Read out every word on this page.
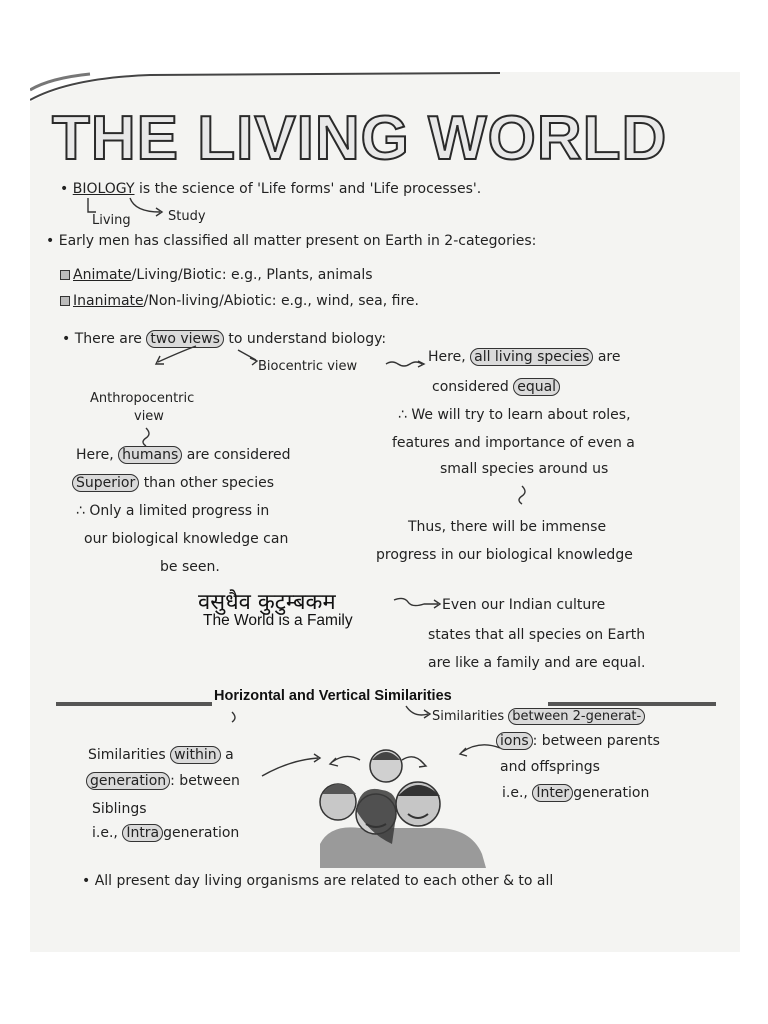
THE LIVING WORLD
• BIOLOGY is the science of 'Life forms' and 'Life processes'.
Living	Study
• Early men has classified all matter present on Earth in 2-categories:
Animate/Living/Biotic: e.g., Plants, animals
Inanimate/Non-living/Abiotic: e.g., wind, sea, fire.
• There are two views to understand biology:
Biocentric view
Here, all living species are
considered equal
∴ We will try to learn about roles,
features and importance of even a
small species around us
Thus, there will be immense
progress in our biological knowledge
Anthropocentric
view
Here, humans are considered
Superior than other species
∴ Only a limited progress in
our biological knowledge can
be seen.
वसुधैव कुटुम्बकम
The World is a Family
Even our Indian culture
states that all species on Earth
are like a family and are equal.
Horizontal and Vertical Similarities
Similarities between 2-generat-
ions : between parents
and offsprings
i.e., Inter generation
Similarities within a
generation : between
Siblings
i.e., Intra generation
• All present day living organisms are related to each other & to all
